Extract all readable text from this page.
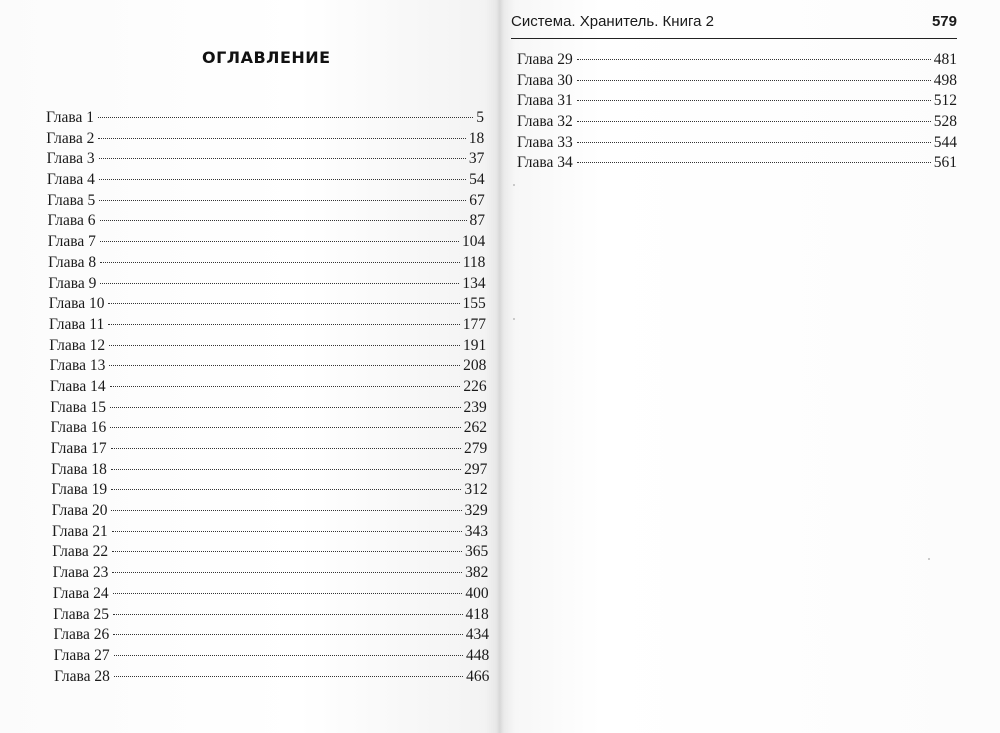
ОГЛАВЛЕНИЕ
Глава 1	5
Глава 2	18
Глава 3	37
Глава 4	54
Глава 5	67
Глава 6	87
Глава 7	104
Глава 8	118
Глава 9	134
Глава 10	155
Глава 11	177
Глава 12	191
Глава 13	208
Глава 14	226
Глава 15	239
Глава 16	262
Глава 17	279
Глава 18	297
Глава 19	312
Глава 20	329
Глава 21	343
Глава 22	365
Глава 23	382
Глава 24	400
Глава 25	418
Глава 26	434
Глава 27	448
Глава 28	466
Система. Хранитель. Книга 2	579
Глава 29	481
Глава 30	498
Глава 31	512
Глава 32	528
Глава 33	544
Глава 34	561
